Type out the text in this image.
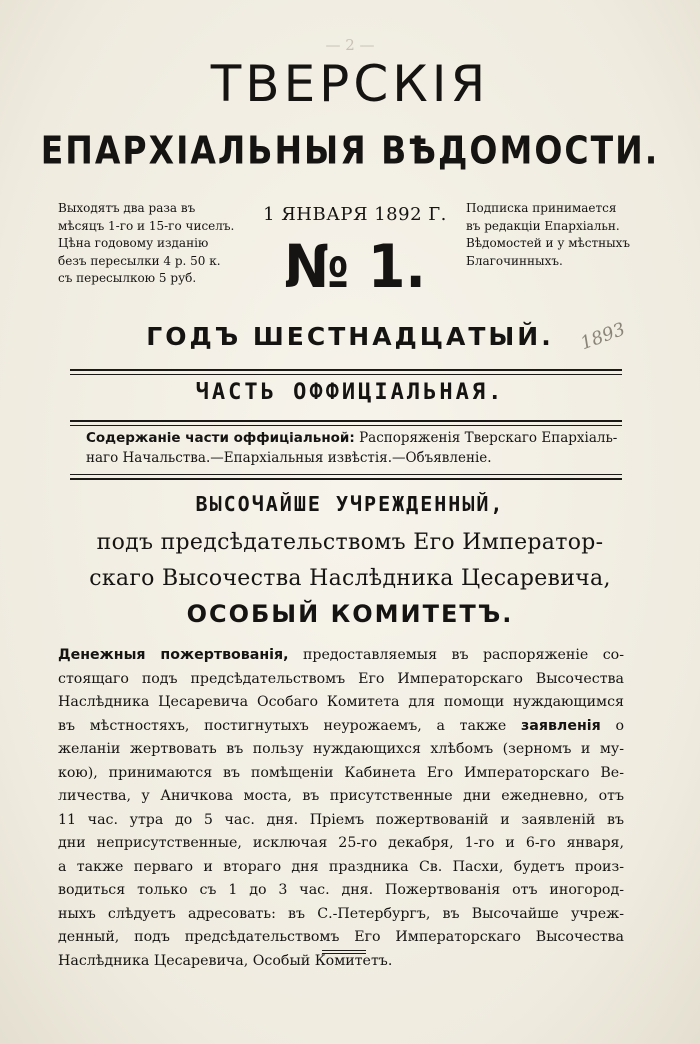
— 2 —
ТВЕРСКІЯ
ЕПАРХІАЛЬНЫЯ ВѢДОМОСТИ.
Выходятъ два раза въ
мѣсяцъ 1-го и 15-го чиселъ.
Цѣна годовому изданію
безъ пересылки 4 р. 50 к.
съ пересылкою 5 руб.
1 ЯНВАРЯ 1892 Г.
№ 1.
Подписка принимается
въ редакціи Епархіальн.
Вѣдомостей и у мѣстныхъ
Благочинныхъ.
ГОДЪ ШЕСТНАДЦАТЫЙ.	1893
ЧАСТЬ ОФФИЦІАЛЬНАЯ.
Содержаніе части оффиціальной: Распоряженія Тверскаго Епархіаль-
наго Начальства.—Епархіальныя извѣстія.—Объявленіе.
ВЫСОЧАЙШЕ УЧРЕЖДЕННЫЙ,
подъ предсѣдательствомъ Его Император-
скаго Высочества Наслѣдника Цесаревича,
ОСОБЫЙ КОМИТЕТЪ.
Денежныя пожертвованія, предоставляемыя въ распоряженіе со-
стоящаго подъ предсѣдательствомъ Его Императорскаго Высочества
Наслѣдника Цесаревича Особаго Комитета для помощи нуждающимся
въ мѣстностяхъ, постигнутыхъ неурожаемъ, а также заявленія о
желаніи жертвовать въ пользу нуждающихся хлѣбомъ (зерномъ и му-
кою), принимаются въ помѣщеніи Кабинета Его Императорскаго Ве-
личества, у Аничкова моста, въ присутственные дни ежедневно, отъ
11 час. утра до 5 час. дня. Пріемъ пожертвованій и заявленій въ
дни неприсутственные, исключая 25-го декабря, 1-го и 6-го января,
а также перваго и втораго дня праздника Св. Пасхи, будетъ произ-
водиться только съ 1 до 3 час. дня. Пожертвованія отъ иногород-
ныхъ слѣдуетъ адресовать: въ С.-Петербургъ, въ Высочайше учреж-
денный, подъ предсѣдательствомъ Его Императорскаго Высочества
Наслѣдника Цесаревича, Особый Комитетъ.
